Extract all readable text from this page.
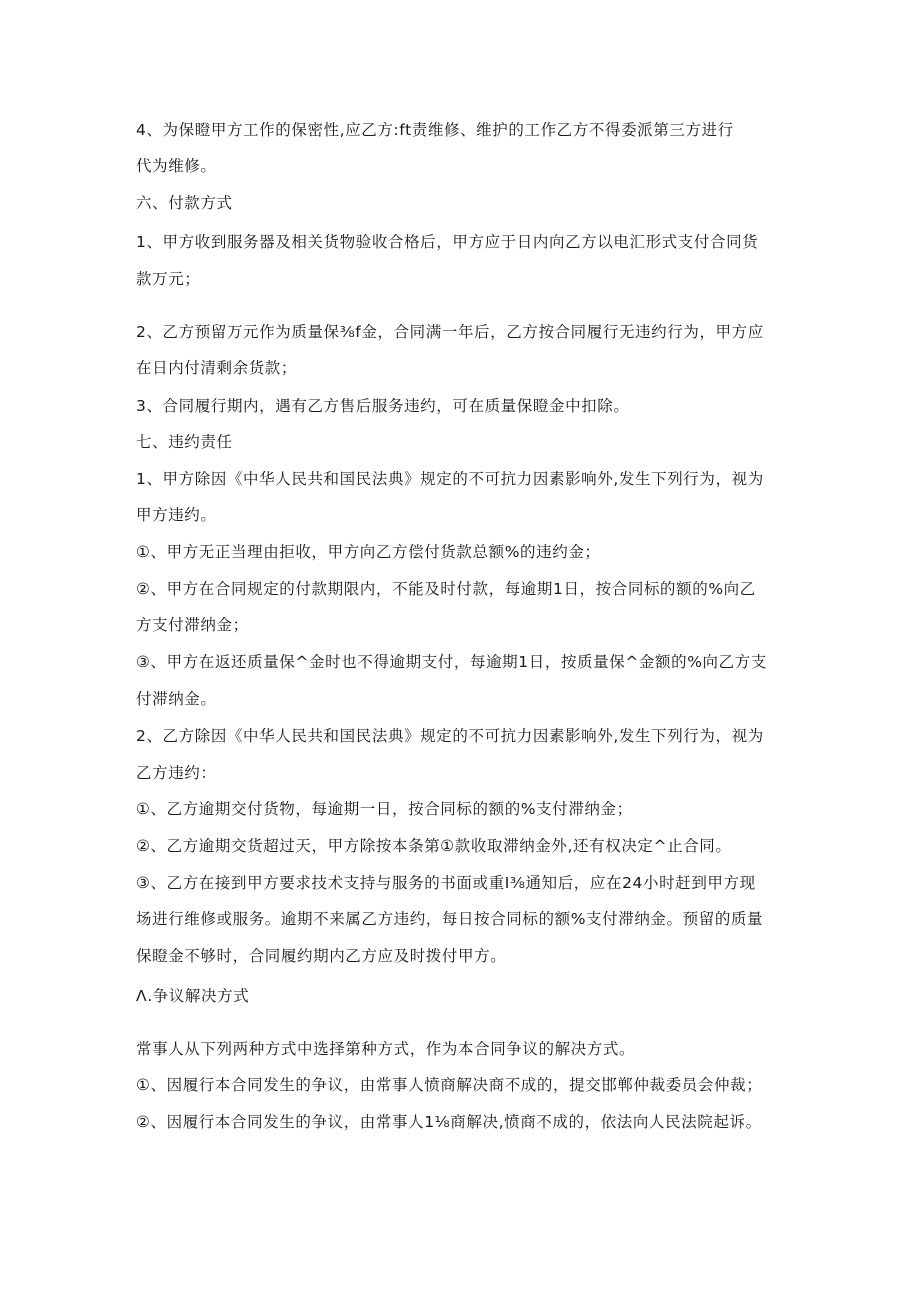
4、为保瞪甲方工作的保密性,应乙方:ft责维修、维护的工作乙方不得委派第三方进行
代为维修。
六、付款方式
1、甲方收到服务器及相关货物验收合格后，甲方应于日内向乙方以电汇形式支付合同货
款万元；
2、乙方预留万元作为质量保⅜f金，合同满一年后，乙方按合同履行无违约行为，甲方应
在日内付清剩余货款；
3、合同履行期内，遇有乙方售后服务违约，可在质量保瞪金中扣除。
七、违约责任
1、甲方除因《中华人民共和国民法典》规定的不可抗力因素影响外,发生下列行为，视为
甲方违约。
①、甲方无正当理由拒收，甲方向乙方偿付货款总额%的违约金；
②、甲方在合同规定的付款期限内，不能及时付款，每逾期1日，按合同标的额的%向乙
方支付滞纳金；
③、甲方在返还质量保^金时也不得逾期支付，每逾期1日，按质量保^金额的%向乙方支
付滞纳金。
2、乙方除因《中华人民共和国民法典》规定的不可抗力因素影响外,发生下列行为，视为
乙方违约：
①、乙方逾期交付货物，每逾期一日，按合同标的额的%支付滞纳金；
②、乙方逾期交货超过天，甲方除按本条第①款收取滞纳金外,还有权决定^止合同。
③、乙方在接到甲方要求技术支持与服务的书面或重I⅜通知后，应在24小时赶到甲方现
场进行维修或服务。逾期不来属乙方违约，每日按合同标的额%支付滞纳金。预留的质量
保瞪金不够时，合同履约期内乙方应及时拨付甲方。
Λ.争议解决方式
常事人从下列两种方式中选择第种方式，作为本合同争议的解决方式。
①、因履行本合同发生的争议，由常事人愤商解决商不成的，提交邯郸仲裁委员会仲裁；
②、因履行本合同发生的争议，由常事人1⅛商解决,愤商不成的，依法向人民法院起诉。
